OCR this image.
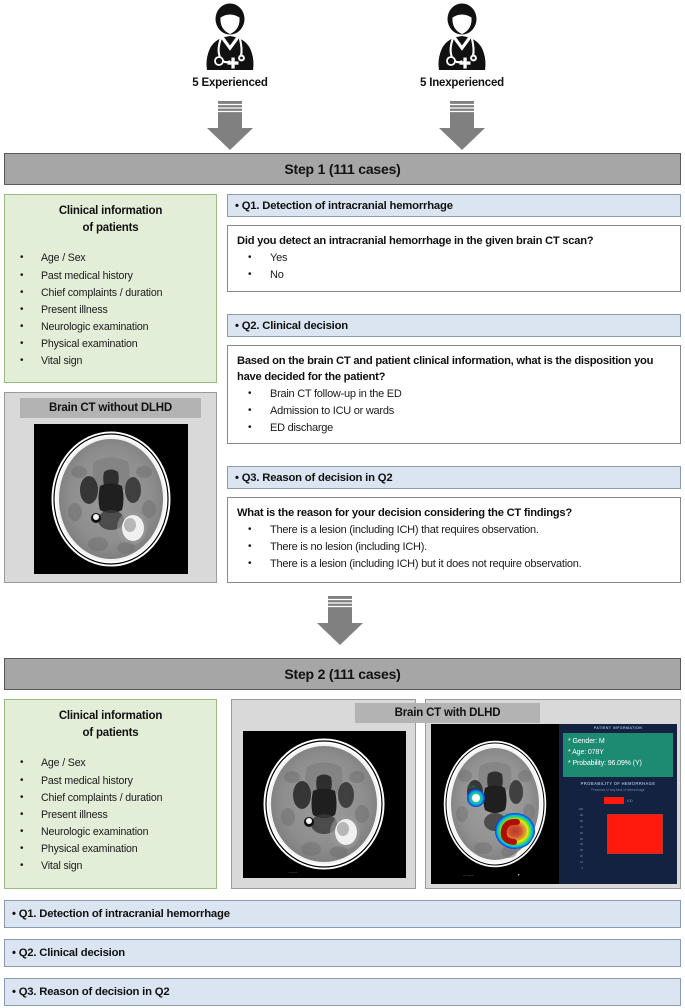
5 Experienced	5 Inexperienced
Step 1 (111 cases)
Clinical information
of patients
• Age / Sex
• Past medical history
• Chief complaints / duration
• Present illness
• Neurologic examination
• Physical examination
• Vital sign
Brain CT without DLHD
• Q1. Detection of intracranial hemorrhage

Did you detect an intracranial hemorrhage in the given brain CT scan?

• Yes
• No
• Q2. Clinical decision

Based on the brain CT and patient clinical information, what is the disposition you have decided for the patient?

• Brain CT follow-up in the ED
• Admission to ICU or wards
• ED discharge
• Q3. Reason of decision in Q2

What is the reason for your decision considering the CT findings?

• There is a lesion (including ICH) that requires observation.
• There is no lesion (including ICH).
• There is a lesion (including ICH) but it does not require observation.
Step 2 (111 cases)
Clinical information
of patients
• Age / Sex
• Past medical history
• Chief complaints / duration
• Present illness
• Neurologic examination
• Physical examination
• Vital sign
·
———
ICH
ICH
▼
— ——
PATIENT INFORMATION
* Gender: M
* Age: 078Y
* Probability: 96.09% (Y)
PROBABILITY OF HEMORRHAGE
Presence of any kind of hemorrhage
100
100
90
80
70
60
50
40
30
20
10
0
Brain CT with DLHD
• Q1. Detection of intracranial hemorrhage
• Q2. Clinical decision
• Q3. Reason of decision in Q2
